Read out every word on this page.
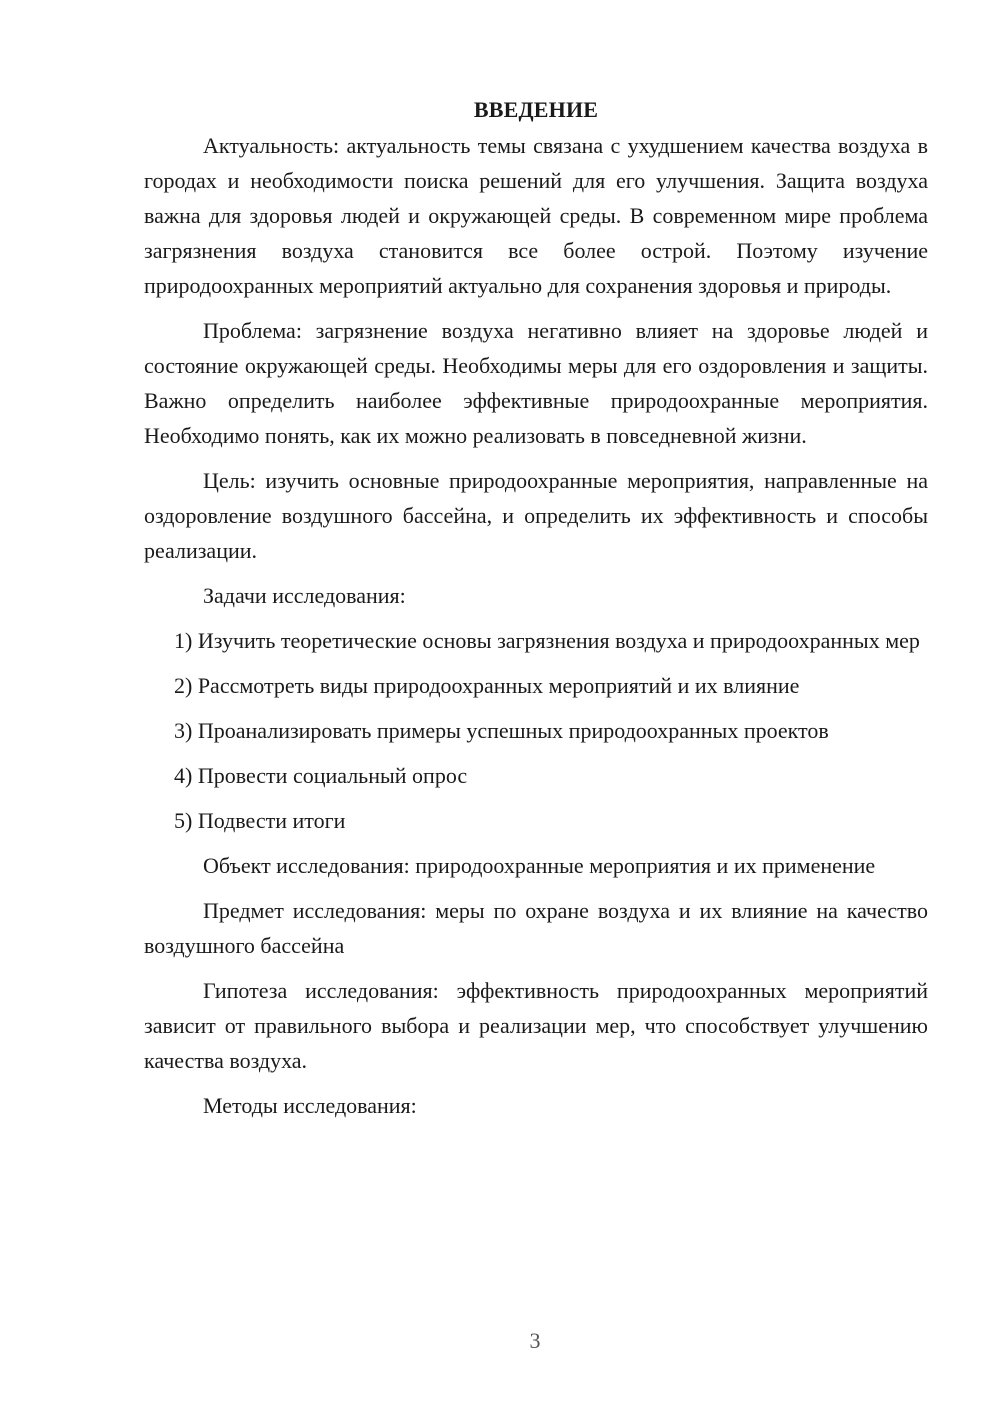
ВВЕДЕНИЕ

Актуальность: актуальность темы связана с ухудшением качества воздуха в городах и необходимости поиска решений для его улучшения. Защита воздуха важна для здоровья людей и окружающей среды. В современном мире проблема загрязнения воздуха становится все более острой. Поэтому изучение природоохранных мероприятий актуально для сохранения здоровья и природы.

Проблема: загрязнение воздуха негативно влияет на здоровье людей и состояние окружающей среды. Необходимы меры для его оздоровления и защиты. Важно определить наиболее эффективные природоохранные мероприятия. Необходимо понять, как их можно реализовать в повседневной жизни.

Цель: изучить основные природоохранные мероприятия, направленные на оздоровление воздушного бассейна, и определить их эффективность и способы реализации.

Задачи исследования:

1) Изучить теоретические основы загрязнения воздуха и природоохранных мер

2) Рассмотреть виды природоохранных мероприятий и их влияние

3) Проанализировать примеры успешных природоохранных проектов

4) Провести социальный опрос

5) Подвести итоги

Объект исследования: природоохранные мероприятия и их применение

Предмет исследования: меры по охране воздуха и их влияние на качество воздушного бассейна

Гипотеза исследования: эффективность природоохранных мероприятий зависит от правильного выбора и реализации мер, что способствует улучшению качества воздуха.

Методы исследования:

3
